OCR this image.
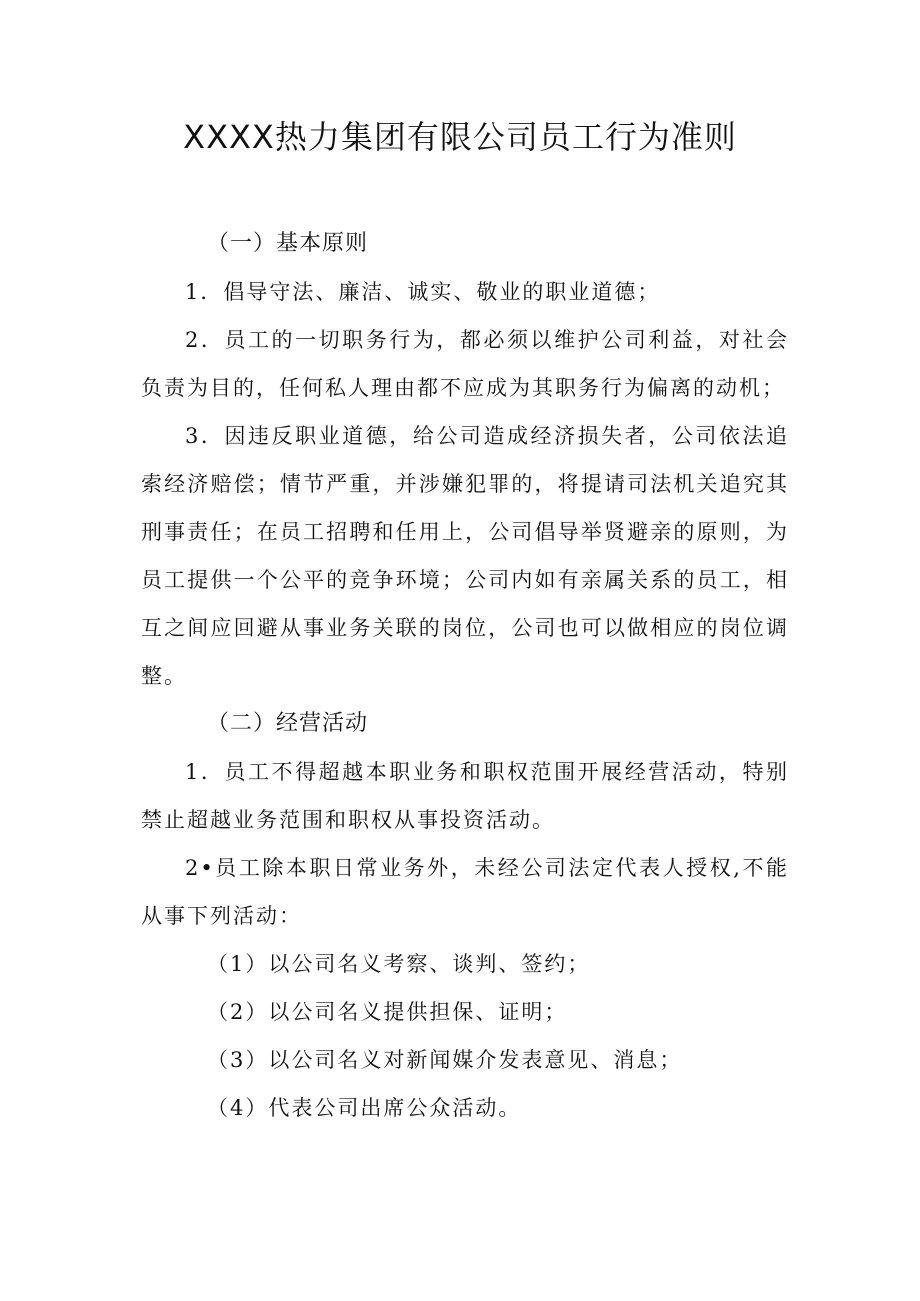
XXXX热力集团有限公司员工行为准则
（一）基本原则

1．倡导守法、廉洁、诚实、敬业的职业道德；

2．员工的一切职务行为，都必须以维护公司利益，对社会负责为目的，任何私人理由都不应成为其职务行为偏离的动机；

3．因违反职业道德，给公司造成经济损失者，公司依法追索经济赔偿；情节严重，并涉嫌犯罪的，将提请司法机关追究其刑事责任；在员工招聘和任用上，公司倡导举贤避亲的原则，为员工提供一个公平的竞争环境；公司内如有亲属关系的员工，相互之间应回避从事业务关联的岗位，公司也可以做相应的岗位调整。

（二）经营活动

1．员工不得超越本职业务和职权范围开展经营活动，特别禁止超越业务范围和职权从事投资活动。

2•员工除本职日常业务外，未经公司法定代表人授权,不能从事下列活动：

（1）以公司名义考察、谈判、签约；

（2）以公司名义提供担保、证明；

（3）以公司名义对新闻媒介发表意见、消息；

（4）代表公司出席公众活动。
